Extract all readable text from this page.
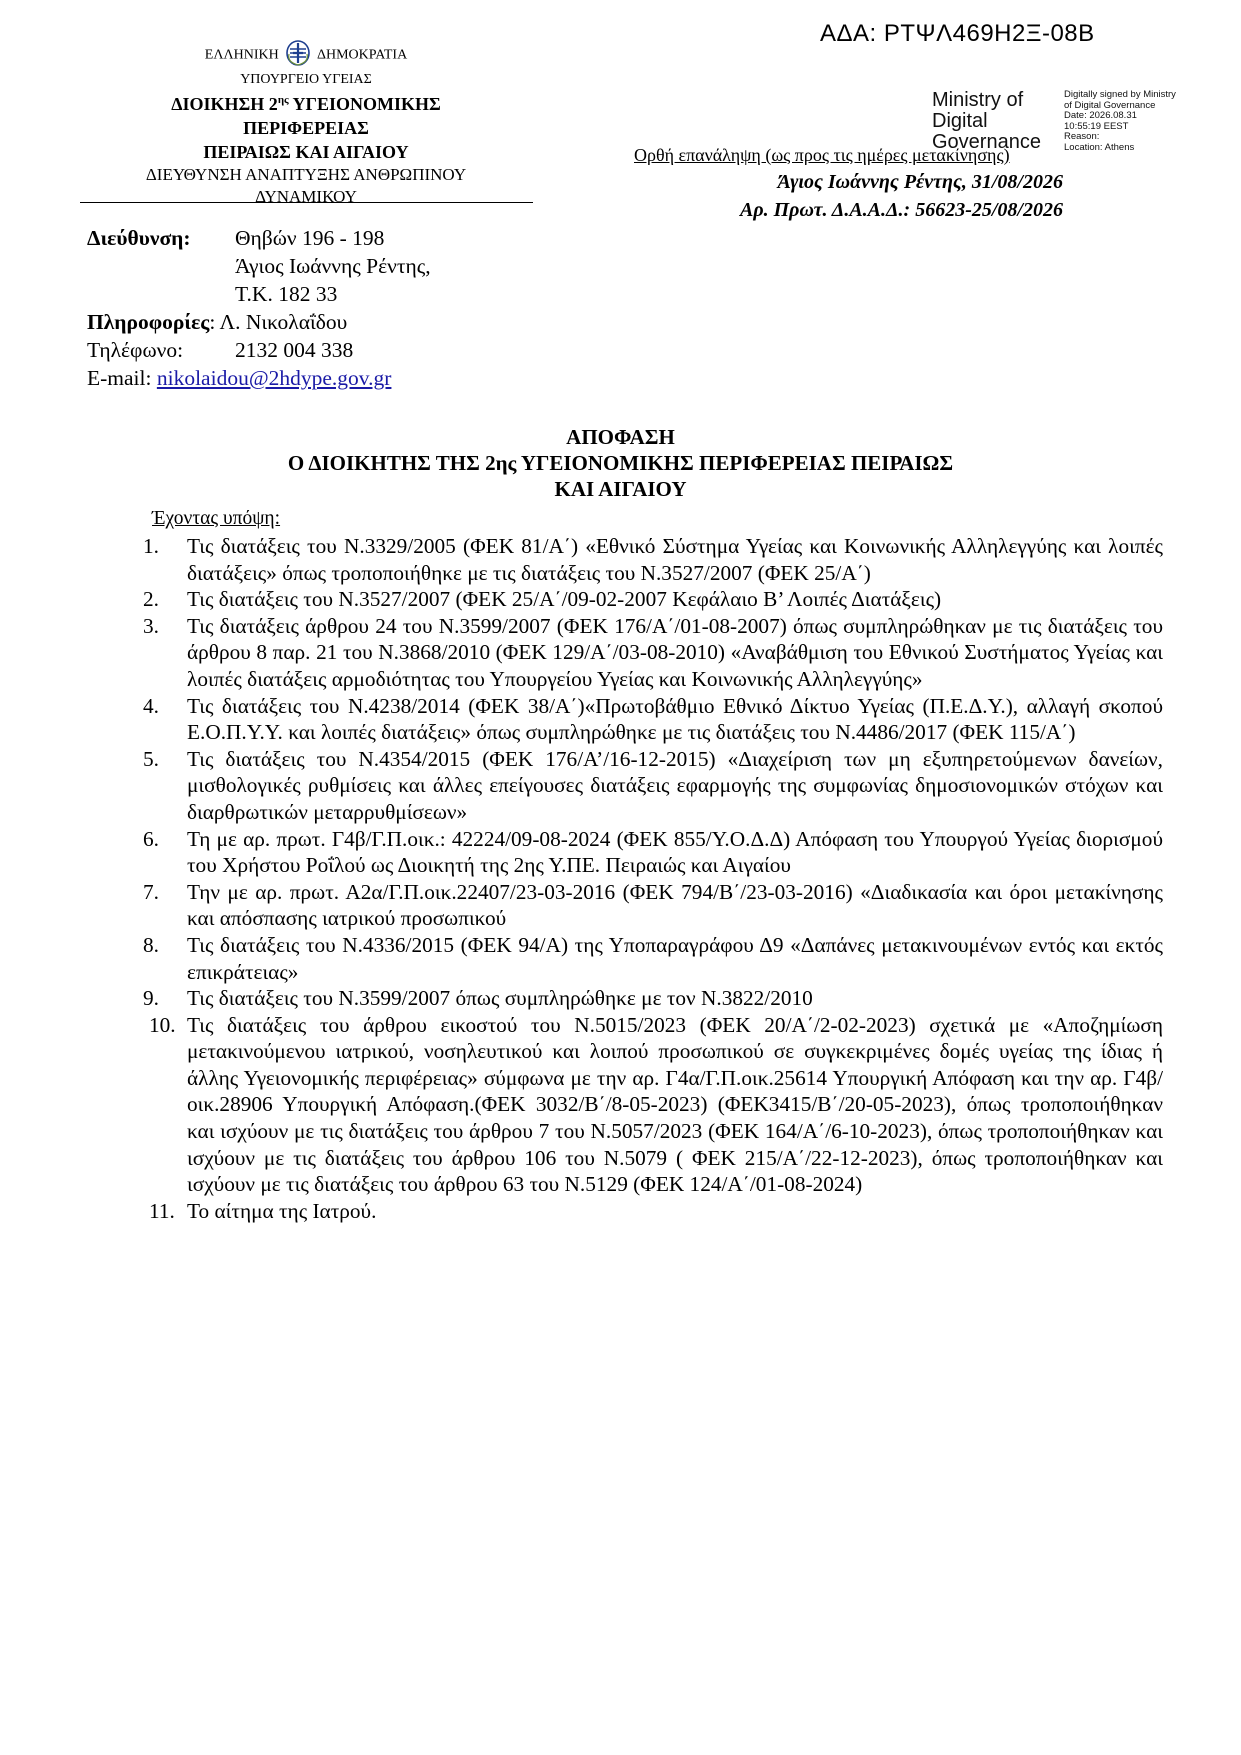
ΑΔΑ: ΡΤΨΛ469Η2Ξ-08Β
ΕΛΛΗΝΙΚΗ	ΔΗΜΟΚΡΑΤΙΑ
ΥΠΟΥΡΓΕΙΟ ΥΓΕΙΑΣ
ΔΙΟΙΚΗΣΗ $2^{\eta\varsigma}$ ΥΓΕΙΟΝΟΜΙΚΗΣ
ΠΕΡΙΦΕΡΕΙΑΣ
ΠΕΙΡΑΙΩΣ ΚΑΙ ΑΙΓΑΙΟΥ
ΔΙΕΥΘΥΝΣΗ ΑΝΑΠΤΥΞΗΣ ΑΝΘΡΩΠΙΝΟΥ
ΔΥΝΑΜΙΚΟΥ
Ministry of
Digital
Governance
Digitally signed by Ministry
of Digital Governance
Date: 2026.08.31
10:55:19 EEST
Reason:
Location: Athens
Ορθή επανάληψη (ως προς τις ημέρες μετακίνησης)
Άγιος Ιωάννης Ρέντης, 31/08/2026
Αρ. Πρωτ. Δ.Α.Α.Δ.: 56623-25/08/2026
Διεύθυνση: Θηβών 196 - 198
Άγιος Ιωάννης Ρέντης,
Τ.Κ. 182 33
Πληροφορίες: Λ. Νικολαΐδου
Τηλέφωνο: 2132 004 338
E-mail: nikolaidou@2hdype.gov.gr
ΑΠΟΦΑΣΗ
Ο ΔΙΟΙΚΗΤΗΣ ΤΗΣ 2ης ΥΓΕΙΟΝΟΜΙΚΗΣ ΠΕΡΙΦΕΡΕΙΑΣ ΠΕΙΡΑΙΩΣ
ΚΑΙ ΑΙΓΑΙΟΥ
Έχοντας υπόψη:
1.	Τις διατάξεις του Ν.3329/2005 (ΦΕΚ 81/Α΄) «Εθνικό Σύστημα Υγείας και Κοινωνικής Αλληλεγγύης και λοιπές διατάξεις» όπως τροποποιήθηκε με τις διατάξεις του Ν.3527/2007 (ΦΕΚ 25/Α΄)
2.	Τις διατάξεις του Ν.3527/2007 (ΦΕΚ 25/Α΄/09-02-2007 Κεφάλαιο Β’ Λοιπές Διατάξεις)
3.	Τις διατάξεις άρθρου 24 του Ν.3599/2007 (ΦΕΚ 176/Α΄/01-08-2007) όπως συμπληρώθηκαν με τις διατάξεις του άρθρου 8 παρ. 21 του Ν.3868/2010 (ΦΕΚ 129/Α΄/03-08-2010) «Αναβάθμιση του Εθνικού Συστήματος Υγείας και λοιπές διατάξεις αρμοδιότητας του Υπουργείου Υγείας και Κοινωνικής Αλληλεγγύης»
4.	Τις διατάξεις του Ν.4238/2014 (ΦΕΚ 38/Α΄)«Πρωτοβάθμιο Εθνικό Δίκτυο Υγείας (Π.Ε.Δ.Υ.), αλλαγή σκοπού Ε.Ο.Π.Υ.Υ. και λοιπές διατάξεις» όπως συμπληρώθηκε με τις διατάξεις του Ν.4486/2017 (ΦΕΚ 115/Α΄)
5.	Τις διατάξεις του Ν.4354/2015 (ΦΕΚ 176/Α’/16-12-2015) «Διαχείριση των μη εξυπηρετούμενων δανείων, μισθολογικές ρυθμίσεις και άλλες επείγουσες διατάξεις εφαρμογής της συμφωνίας δημοσιονομικών στόχων και διαρθρωτικών μεταρρυθμίσεων»
6.	Τη με αρ. πρωτ. Γ4β/Γ.Π.οικ.: 42224/09-08-2024 (ΦΕΚ 855/Υ.Ο.Δ.Δ) Απόφαση του Υπουργού Υγείας διορισμού του Χρήστου Ροΐλού ως Διοικητή της 2ης Υ.ΠΕ. Πειραιώς και Αιγαίου
7.	Την με αρ. πρωτ. Α2α/Γ.Π.οικ.22407/23-03-2016 (ΦΕΚ 794/Β΄/23-03-2016) «Διαδικασία και όροι μετακίνησης και απόσπασης ιατρικού προσωπικού
8.	Τις διατάξεις του Ν.4336/2015 (ΦΕΚ 94/Α) της Υποπαραγράφου Δ9 «Δαπάνες μετακινουμένων εντός και εκτός επικράτειας»
9.	Τις διατάξεις του Ν.3599/2007 όπως συμπληρώθηκε με τον Ν.3822/2010
10. Τις διατάξεις του άρθρου εικοστού του Ν.5015/2023 (ΦΕΚ 20/Α΄/2-02-2023) σχετικά με «Αποζημίωση μετακινούμενου ιατρικού, νοσηλευτικού και λοιπού προσωπικού σε συγκεκριμένες δομές υγείας της ίδιας ή άλλης Υγειονομικής περιφέρειας» σύμφωνα με την αρ. Γ4α/Γ.Π.οικ.25614 Υπουργική Απόφαση και την αρ. Γ4β/οικ.28906 Υπουργική Απόφαση.(ΦΕΚ 3032/Β΄/8-05-2023) (ΦΕΚ3415/Β΄/20-05-2023), όπως τροποποιήθηκαν και ισχύουν με τις διατάξεις του άρθρου 7 του Ν.5057/2023 (ΦΕΚ 164/Α΄/6-10-2023), όπως τροποποιήθηκαν και ισχύουν με τις διατάξεις του άρθρου 106 του Ν.5079 ( ΦΕΚ 215/Α΄/22-12-2023), όπως τροποποιήθηκαν και ισχύουν με τις διατάξεις του άρθρου 63 του Ν.5129 (ΦΕΚ 124/Α΄/01-08-2024)
11. Το αίτημα της Ιατρού.
